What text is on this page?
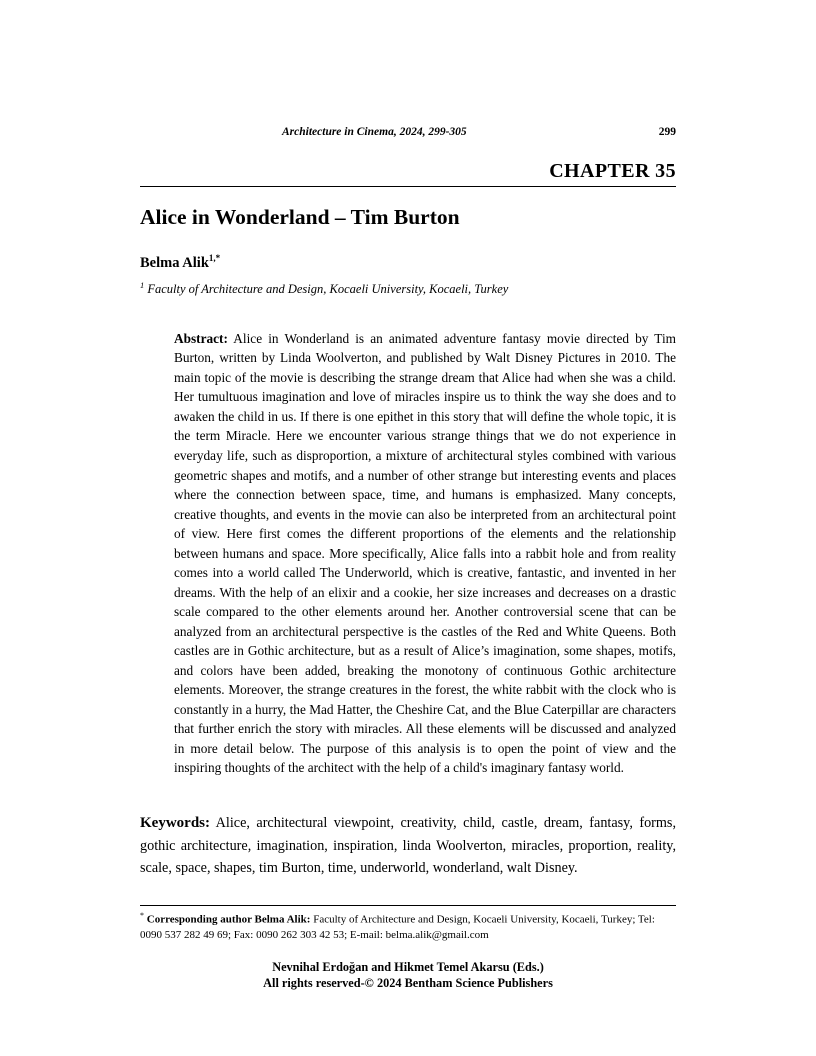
Architecture in Cinema, 2024, 299-305	299
CHAPTER 35
Alice in Wonderland – Tim Burton
Belma Alik$^{1,*}$
$^1$ Faculty of Architecture and Design, Kocaeli University, Kocaeli, Turkey
Abstract: Alice in Wonderland is an animated adventure fantasy movie directed by Tim Burton, written by Linda Woolverton, and published by Walt Disney Pictures in 2010. The main topic of the movie is describing the strange dream that Alice had when she was a child. Her tumultuous imagination and love of miracles inspire us to think the way she does and to awaken the child in us. If there is one epithet in this story that will define the whole topic, it is the term Miracle. Here we encounter various strange things that we do not experience in everyday life, such as disproportion, a mixture of architectural styles combined with various geometric shapes and motifs, and a number of other strange but interesting events and places where the connection between space, time, and humans is emphasized. Many concepts, creative thoughts, and events in the movie can also be interpreted from an architectural point of view. Here first comes the different proportions of the elements and the relationship between humans and space. More specifically, Alice falls into a rabbit hole and from reality comes into a world called The Underworld, which is creative, fantastic, and invented in her dreams. With the help of an elixir and a cookie, her size increases and decreases on a drastic scale compared to the other elements around her. Another controversial scene that can be analyzed from an architectural perspective is the castles of the Red and White Queens. Both castles are in Gothic architecture, but as a result of Alice’s imagination, some shapes, motifs, and colors have been added, breaking the monotony of continuous Gothic architecture elements. Moreover, the strange creatures in the forest, the white rabbit with the clock who is constantly in a hurry, the Mad Hatter, the Cheshire Cat, and the Blue Caterpillar are characters that further enrich the story with miracles. All these elements will be discussed and analyzed in more detail below. The purpose of this analysis is to open the point of view and the inspiring thoughts of the architect with the help of a child's imaginary fantasy world.
Keywords: Alice, architectural viewpoint, creativity, child, castle, dream, fantasy, forms, gothic architecture, imagination, inspiration, linda Woolverton, miracles, proportion, reality, scale, space, shapes, tim Burton, time, underworld, wonderland, walt Disney.
* Corresponding author Belma Alik: Faculty of Architecture and Design, Kocaeli University, Kocaeli, Turkey; Tel: 0090 537 282 49 69; Fax: 0090 262 303 42 53; E-mail: belma.alik@gmail.com
Nevnihal Erdoğan and Hikmet Temel Akarsu (Eds.)
All rights reserved-© 2024 Bentham Science Publishers
